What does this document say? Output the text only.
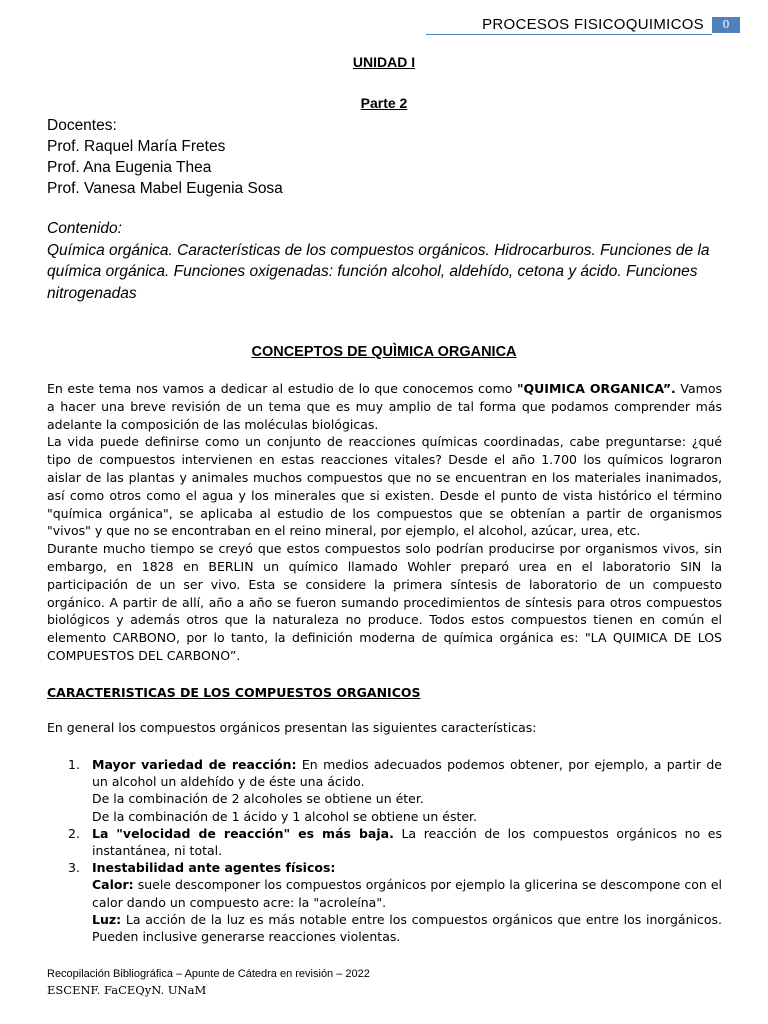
PROCESOS FISICOQUIMICOS	0
UNIDAD I
Parte 2
Docentes:
Prof. Raquel María Fretes
Prof. Ana Eugenia Thea
Prof. Vanesa Mabel Eugenia Sosa
Contenido:
Química orgánica. Características de los compuestos orgánicos. Hidrocarburos. Funciones de la química orgánica. Funciones oxigenadas: función alcohol, aldehído, cetona y ácido. Funciones nitrogenadas
CONCEPTOS DE QUÌMICA ORGANICA

En este tema nos vamos a dedicar al estudio de lo que conocemos como "QUIMICA ORGANICA”. Vamos a hacer una breve revisión de un tema que es muy amplio de tal forma que podamos comprender más adelante la composición de las moléculas biológicas.

La vida puede definirse como un conjunto de reacciones químicas coordinadas, cabe preguntarse: ¿qué tipo de compuestos intervienen en estas reacciones vitales? Desde el año 1.700 los químicos lograron aislar de las plantas y animales muchos compuestos que no se encuentran en los materiales inanimados, así como otros como el agua y los minerales que si existen. Desde el punto de vista histórico el término "química orgánica", se aplicaba al estudio de los compuestos que se obtenían a partir de organismos "vivos" y que no se encontraban en el reino mineral, por ejemplo, el alcohol, azúcar, urea, etc.

Durante mucho tiempo se creyó que estos compuestos solo podrían producirse por organismos vivos, sin embargo, en 1828 en BERLIN un químico llamado Wohler preparó urea en el laboratorio SIN la participación de un ser vivo. Esta se considere la primera síntesis de laboratorio de un compuesto orgánico. A partir de allí, año a año se fueron sumando procedimientos de síntesis para otros compuestos biológicos y además otros que la naturaleza no produce. Todos estos compuestos tienen en común el elemento CARBONO, por lo tanto, la definición moderna de química orgánica es: "LA QUIMICA DE LOS COMPUESTOS DEL CARBONO”.

CARACTERISTICAS DE LOS COMPUESTOS ORGANICOS
En general los compuestos orgánicos presentan las siguientes características:
1. Mayor variedad de reacción: En medios adecuados podemos obtener, por ejemplo, a partir de un alcohol un aldehído y de éste una ácido.
De la combinación de 2 alcoholes se obtiene un éter.
De la combinación de 1 ácido y 1 alcohol se obtiene un éster.
2. La "velocidad de reacción" es más baja. La reacción de los compuestos orgánicos no es instantánea, ni total.
3. Inestabilidad ante agentes físicos:
Calor: suele descomponer los compuestos orgánicos por ejemplo la glicerina se descompone con el calor dando un compuesto acre: la "acroleína".
Luz: La acción de la luz es más notable entre los compuestos orgánicos que entre los inorgánicos. Pueden inclusive generarse reacciones violentas.
Recopilación Bibliográfica – Apunte de Cátedra en revisión – 2022
ESCENF. FaCEQyN. UNaM
